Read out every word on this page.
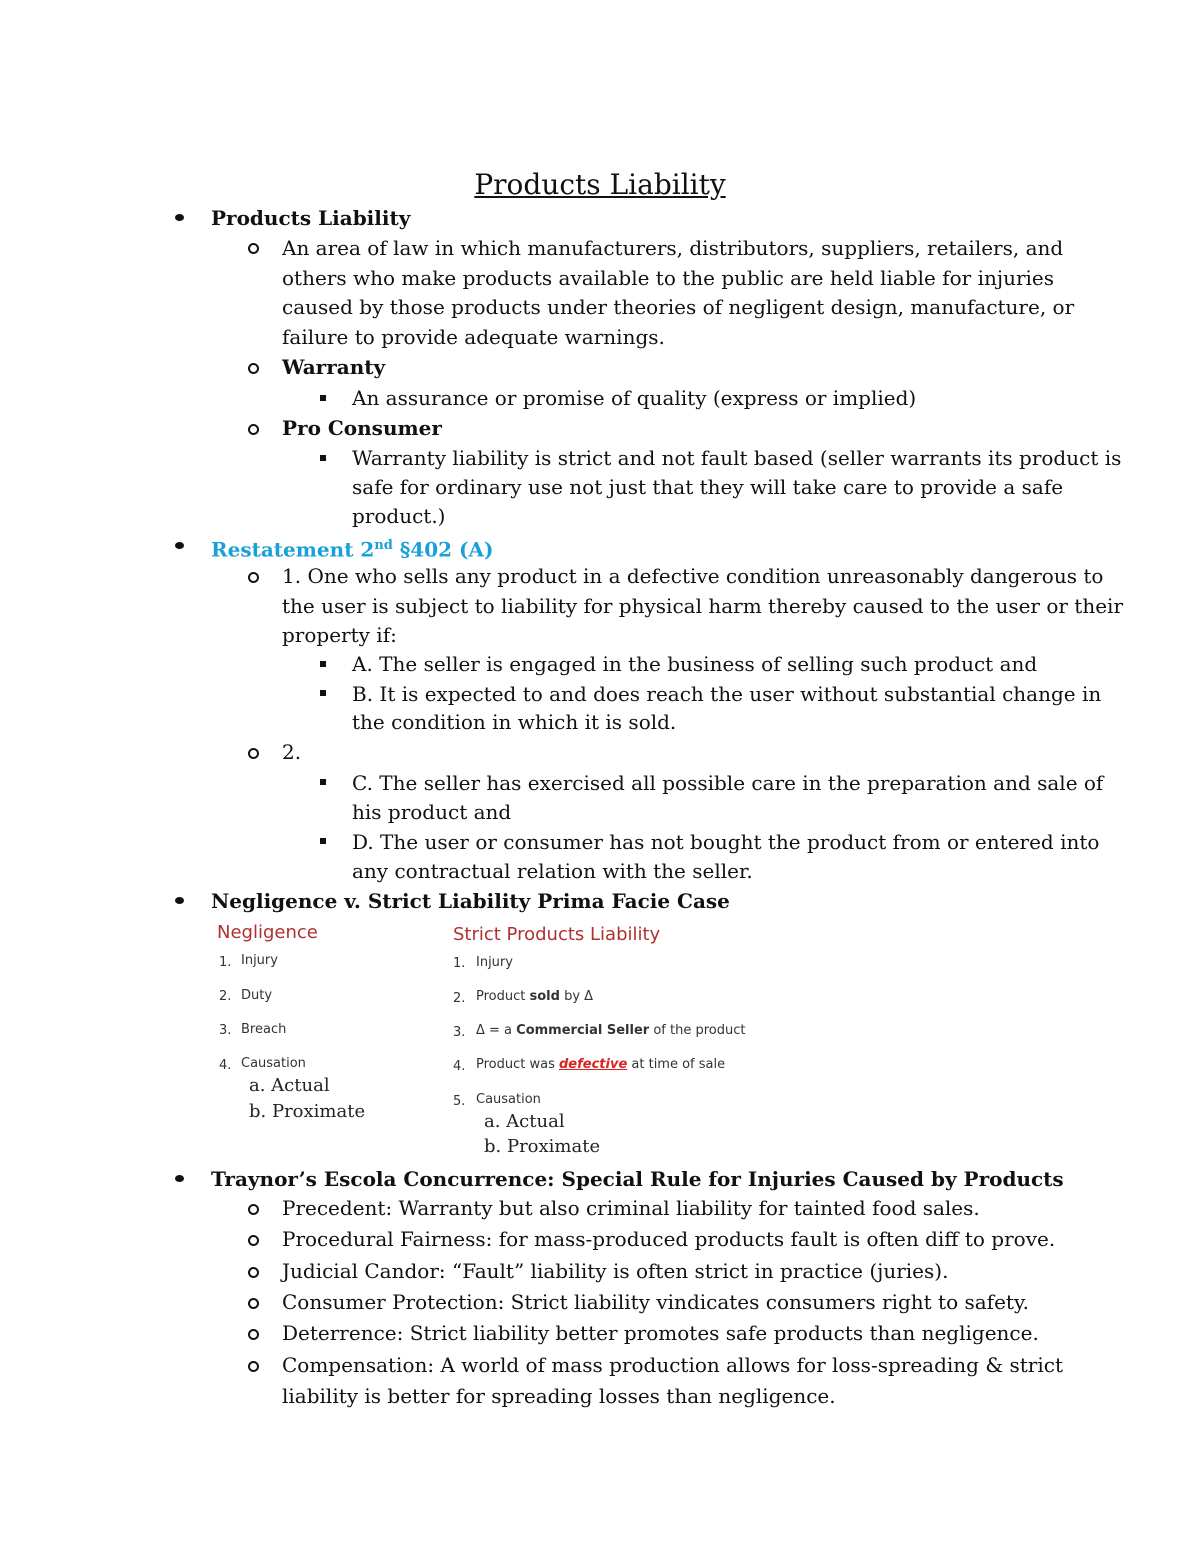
Products Liability
Products Liability
An area of law in which manufacturers, distributors, suppliers, retailers, and
others who make products available to the public are held liable for injuries
caused by those products under theories of negligent design, manufacture, or
failure to provide adequate warnings.
Warranty
An assurance or promise of quality (express or implied)
Pro Consumer
Warranty liability is strict and not fault based (seller warrants its product is
safe for ordinary use not just that they will take care to provide a safe
product.)
Restatement 2nd §402 (A)
1. One who sells any product in a defective condition unreasonably dangerous to
the user is subject to liability for physical harm thereby caused to the user or their
property if:
A. The seller is engaged in the business of selling such product and
B. It is expected to and does reach the user without substantial change in
the condition in which it is sold.
2.
C. The seller has exercised all possible care in the preparation and sale of
his product and
D. The user or consumer has not bought the product from or entered into
any contractual relation with the seller.
Negligence v. Strict Liability Prima Facie Case
Negligence
1. Injury
2. Duty
3. Breach
4. Causation
a. Actual
b. Proximate
Strict Products Liability
1. Injury
2. Product sold by Δ
3. Δ = a Commercial Seller of the product
4. Product was defective at time of sale
5. Causation
a. Actual
b. Proximate
Traynor’s Escola Concurrence: Special Rule for Injuries Caused by Products
Precedent: Warranty but also criminal liability for tainted food sales.
Procedural Fairness: for mass-produced products fault is often diff to prove.
Judicial Candor: “Fault” liability is often strict in practice (juries).
Consumer Protection: Strict liability vindicates consumers right to safety.
Deterrence: Strict liability better promotes safe products than negligence.
Compensation: A world of mass production allows for loss-spreading & strict
liability is better for spreading losses than negligence.
